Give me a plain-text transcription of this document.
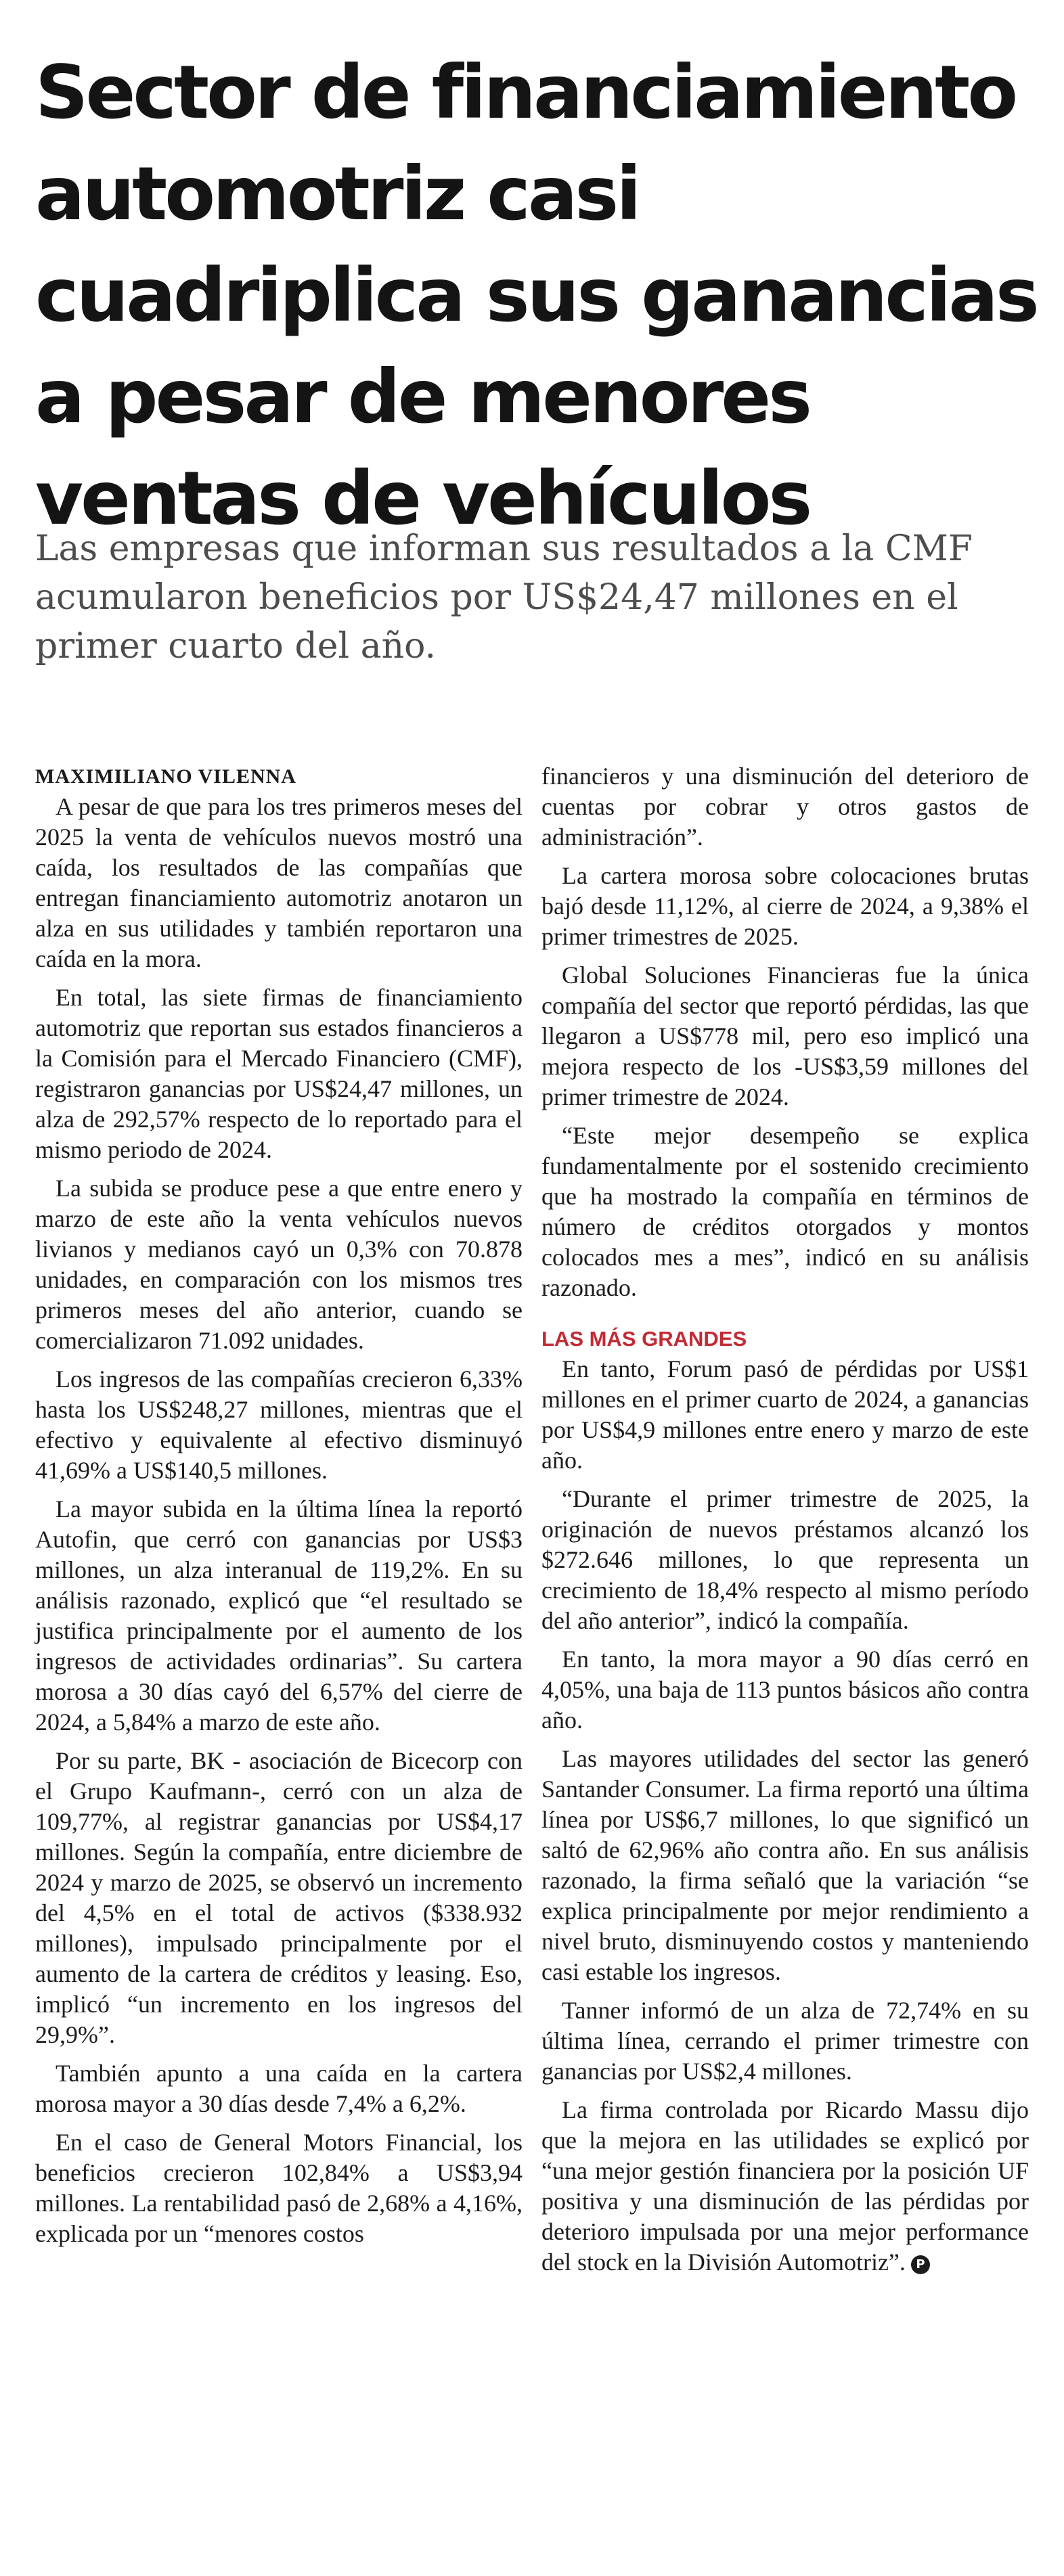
Sector de financiamiento automotriz casi cuadriplica sus ganancias a pesar de menores ventas de vehículos

Las empresas que informan sus resultados a la CMF acumularon beneficios por US$24,47 millones en el primer cuarto del año.

MAXIMILIANO VILENNA

A pesar de que para los tres primeros meses del 2025 la venta de vehículos nuevos mostró una caída, los resultados de las compañías que entregan financiamiento automotriz anotaron un alza en sus utilidades y también reportaron una caída en la mora.

En total, las siete firmas de financiamiento automotriz que reportan sus estados financieros a la Comisión para el Mercado Financiero (CMF), registraron ganancias por US$24,47 millones, un alza de 292,57% respecto de lo reportado para el mismo periodo de 2024.

La subida se produce pese a que entre enero y marzo de este año la venta vehículos nuevos livianos y medianos cayó un 0,3% con 70.878 unidades, en comparación con los mismos tres primeros meses del año anterior, cuando se comercializaron 71.092 unidades.

Los ingresos de las compañías crecieron 6,33% hasta los US$248,27 millones, mientras que el efectivo y equivalente al efectivo disminuyó 41,69% a US$140,5 millones.

La mayor subida en la última línea la reportó Autofin, que cerró con ganancias por US$3 millones, un alza interanual de 119,2%. En su análisis razonado, explicó que “el resultado se justifica principalmente por el aumento de los ingresos de actividades ordinarias”. Su cartera morosa a 30 días cayó del 6,57% del cierre de 2024, a 5,84% a marzo de este año.

Por su parte, BK - asociación de Bicecorp con el Grupo Kaufmann-, cerró con un alza de 109,77%, al registrar ganancias por US$4,17 millones. Según la compañía, entre diciembre de 2024 y marzo de 2025, se observó un incremento del 4,5% en el total de activos ($338.932 millones), impulsado principalmente por el aumento de la cartera de créditos y leasing. Eso, implicó “un incremento en los ingresos del 29,9%”.

También apunto a una caída en la cartera morosa mayor a 30 días desde 7,4% a 6,2%.

En el caso de General Motors Financial, los beneficios crecieron 102,84% a US$3,94 millones. La rentabilidad pasó de 2,68% a 4,16%, explicada por un “menores costos

financieros y una disminución del deterioro de cuentas por cobrar y otros gastos de administración”.

La cartera morosa sobre colocaciones brutas bajó desde 11,12%, al cierre de 2024, a 9,38% el primer trimestres de 2025.

Global Soluciones Financieras fue la única compañía del sector que reportó pérdidas, las que llegaron a US$778 mil, pero eso implicó una mejora respecto de los -US$3,59 millones del primer trimestre de 2024.

“Este mejor desempeño se explica fundamentalmente por el sostenido crecimiento que ha mostrado la compañía en términos de número de créditos otorgados y montos colocados mes a mes”, indicó en su análisis razonado.

LAS MÁS GRANDES

En tanto, Forum pasó de pérdidas por US$1 millones en el primer cuarto de 2024, a ganancias por US$4,9 millones entre enero y marzo de este año.

“Durante el primer trimestre de 2025, la originación de nuevos préstamos alcanzó los $272.646 millones, lo que representa un crecimiento de 18,4% respecto al mismo período del año anterior”, indicó la compañía.

En tanto, la mora mayor a 90 días cerró en 4,05%, una baja de 113 puntos básicos año contra año.

Las mayores utilidades del sector las generó Santander Consumer. La firma reportó una última línea por US$6,7 millones, lo que significó un saltó de 62,96% año contra año. En sus análisis razonado, la firma señaló que la variación “se explica principalmente por mejor rendimiento a nivel bruto, disminuyendo costos y manteniendo casi estable los ingresos.

Tanner informó de un alza de 72,74% en su última línea, cerrando el primer trimestre con ganancias por US$2,4 millones.

La firma controlada por Ricardo Massu dijo que la mejora en las utilidades se explicó por “una mejor gestión financiera por la posición UF positiva y una disminución de las pérdidas por deterioro impulsada por una mejor performance del stock en la División Automotriz”. P
